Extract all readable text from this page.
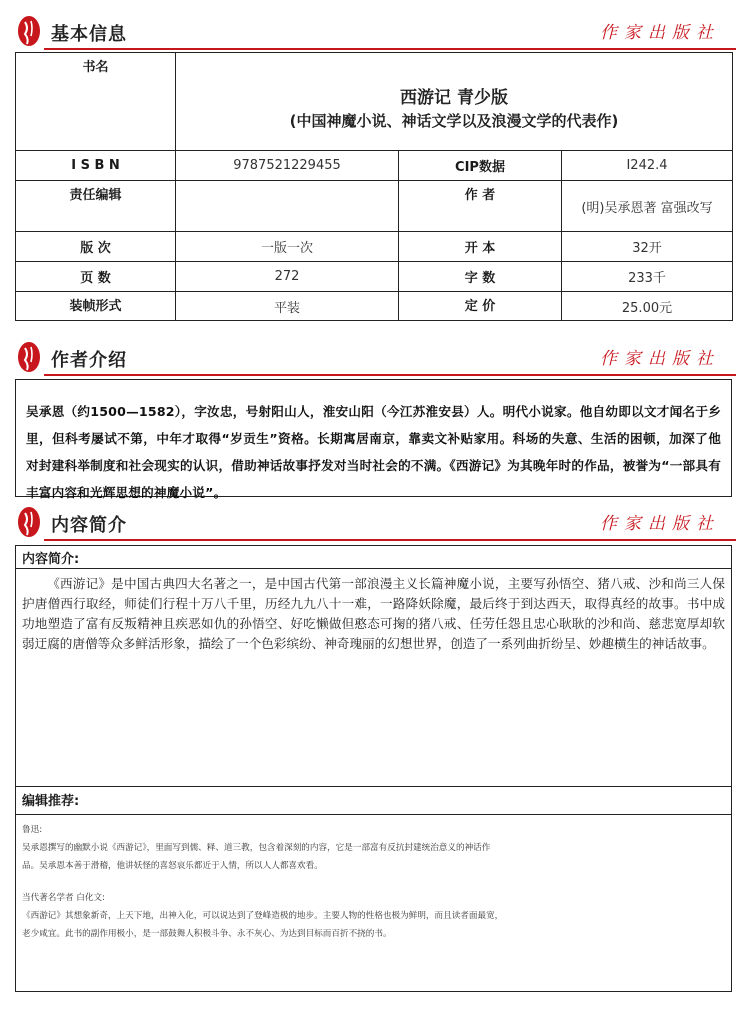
基本信息	作家出版社
书名	西游记 青少版
(中国神魔小说、神话文学以及浪漫文学的代表作)		

I S B N	9787521229455	CIP数据	I242.4
责任编辑		作 者	(明)吴承恩著 富强改写
版 次	一版一次	开 本	32开
页 数	272	字 数	233千
装帧形式	平装	定 价	25.00元
作者介绍	作家出版社
吴承恩（约1500—1582），字汝忠，号射阳山人，淮安山阳（今江苏淮安县）人。明代小说家。他自幼即以文才闻名于乡里，但科考屡试不第，中年才取得“岁贡生”资格。长期寓居南京，靠卖文补贴家用。科场的失意、生活的困顿，加深了他对封建科举制度和社会现实的认识，借助神话故事抒发对当时社会的不满。《西游记》为其晚年时的作品，被誉为“一部具有丰富内容和光辉思想的神魔小说”。
内容简介	作家出版社
内容简介:
《西游记》是中国古典四大名著之一，是中国古代第一部浪漫主义长篇神魔小说，主要写孙悟空、猪八戒、沙和尚三人保护唐僧西行取经，师徒们行程十万八千里，历经九九八十一难，一路降妖除魔，最后终于到达西天，取得真经的故事。书中成功地塑造了富有反叛精神且疾恶如仇的孙悟空、好吃懒做但憨态可掬的猪八戒、任劳任怨且忠心耿耿的沙和尚、慈悲宽厚却软弱迂腐的唐僧等众多鲜活形象，描绘了一个色彩缤纷、神奇瑰丽的幻想世界，创造了一系列曲折纷呈、妙趣横生的神话故事。
编辑推荐:
鲁迅:
吴承恩撰写的幽默小说《西游记》，里面写到儒、释、道三教，包含着深刻的内容，它是一部富有反抗封建统治意义的神话作
品。吴承恩本善于滑稽，他讲妖怪的喜怒哀乐都近于人情，所以人人都喜欢看。
当代著名学者 白化文:
《西游记》其想象新奇，上天下地，出神入化，可以说达到了登峰造极的地步。主要人物的性格也极为鲜明，而且读者面最宽，
老少咸宜。此书的副作用极小，是一部鼓舞人积极斗争、永不灰心、为达到目标而百折不挠的书。
